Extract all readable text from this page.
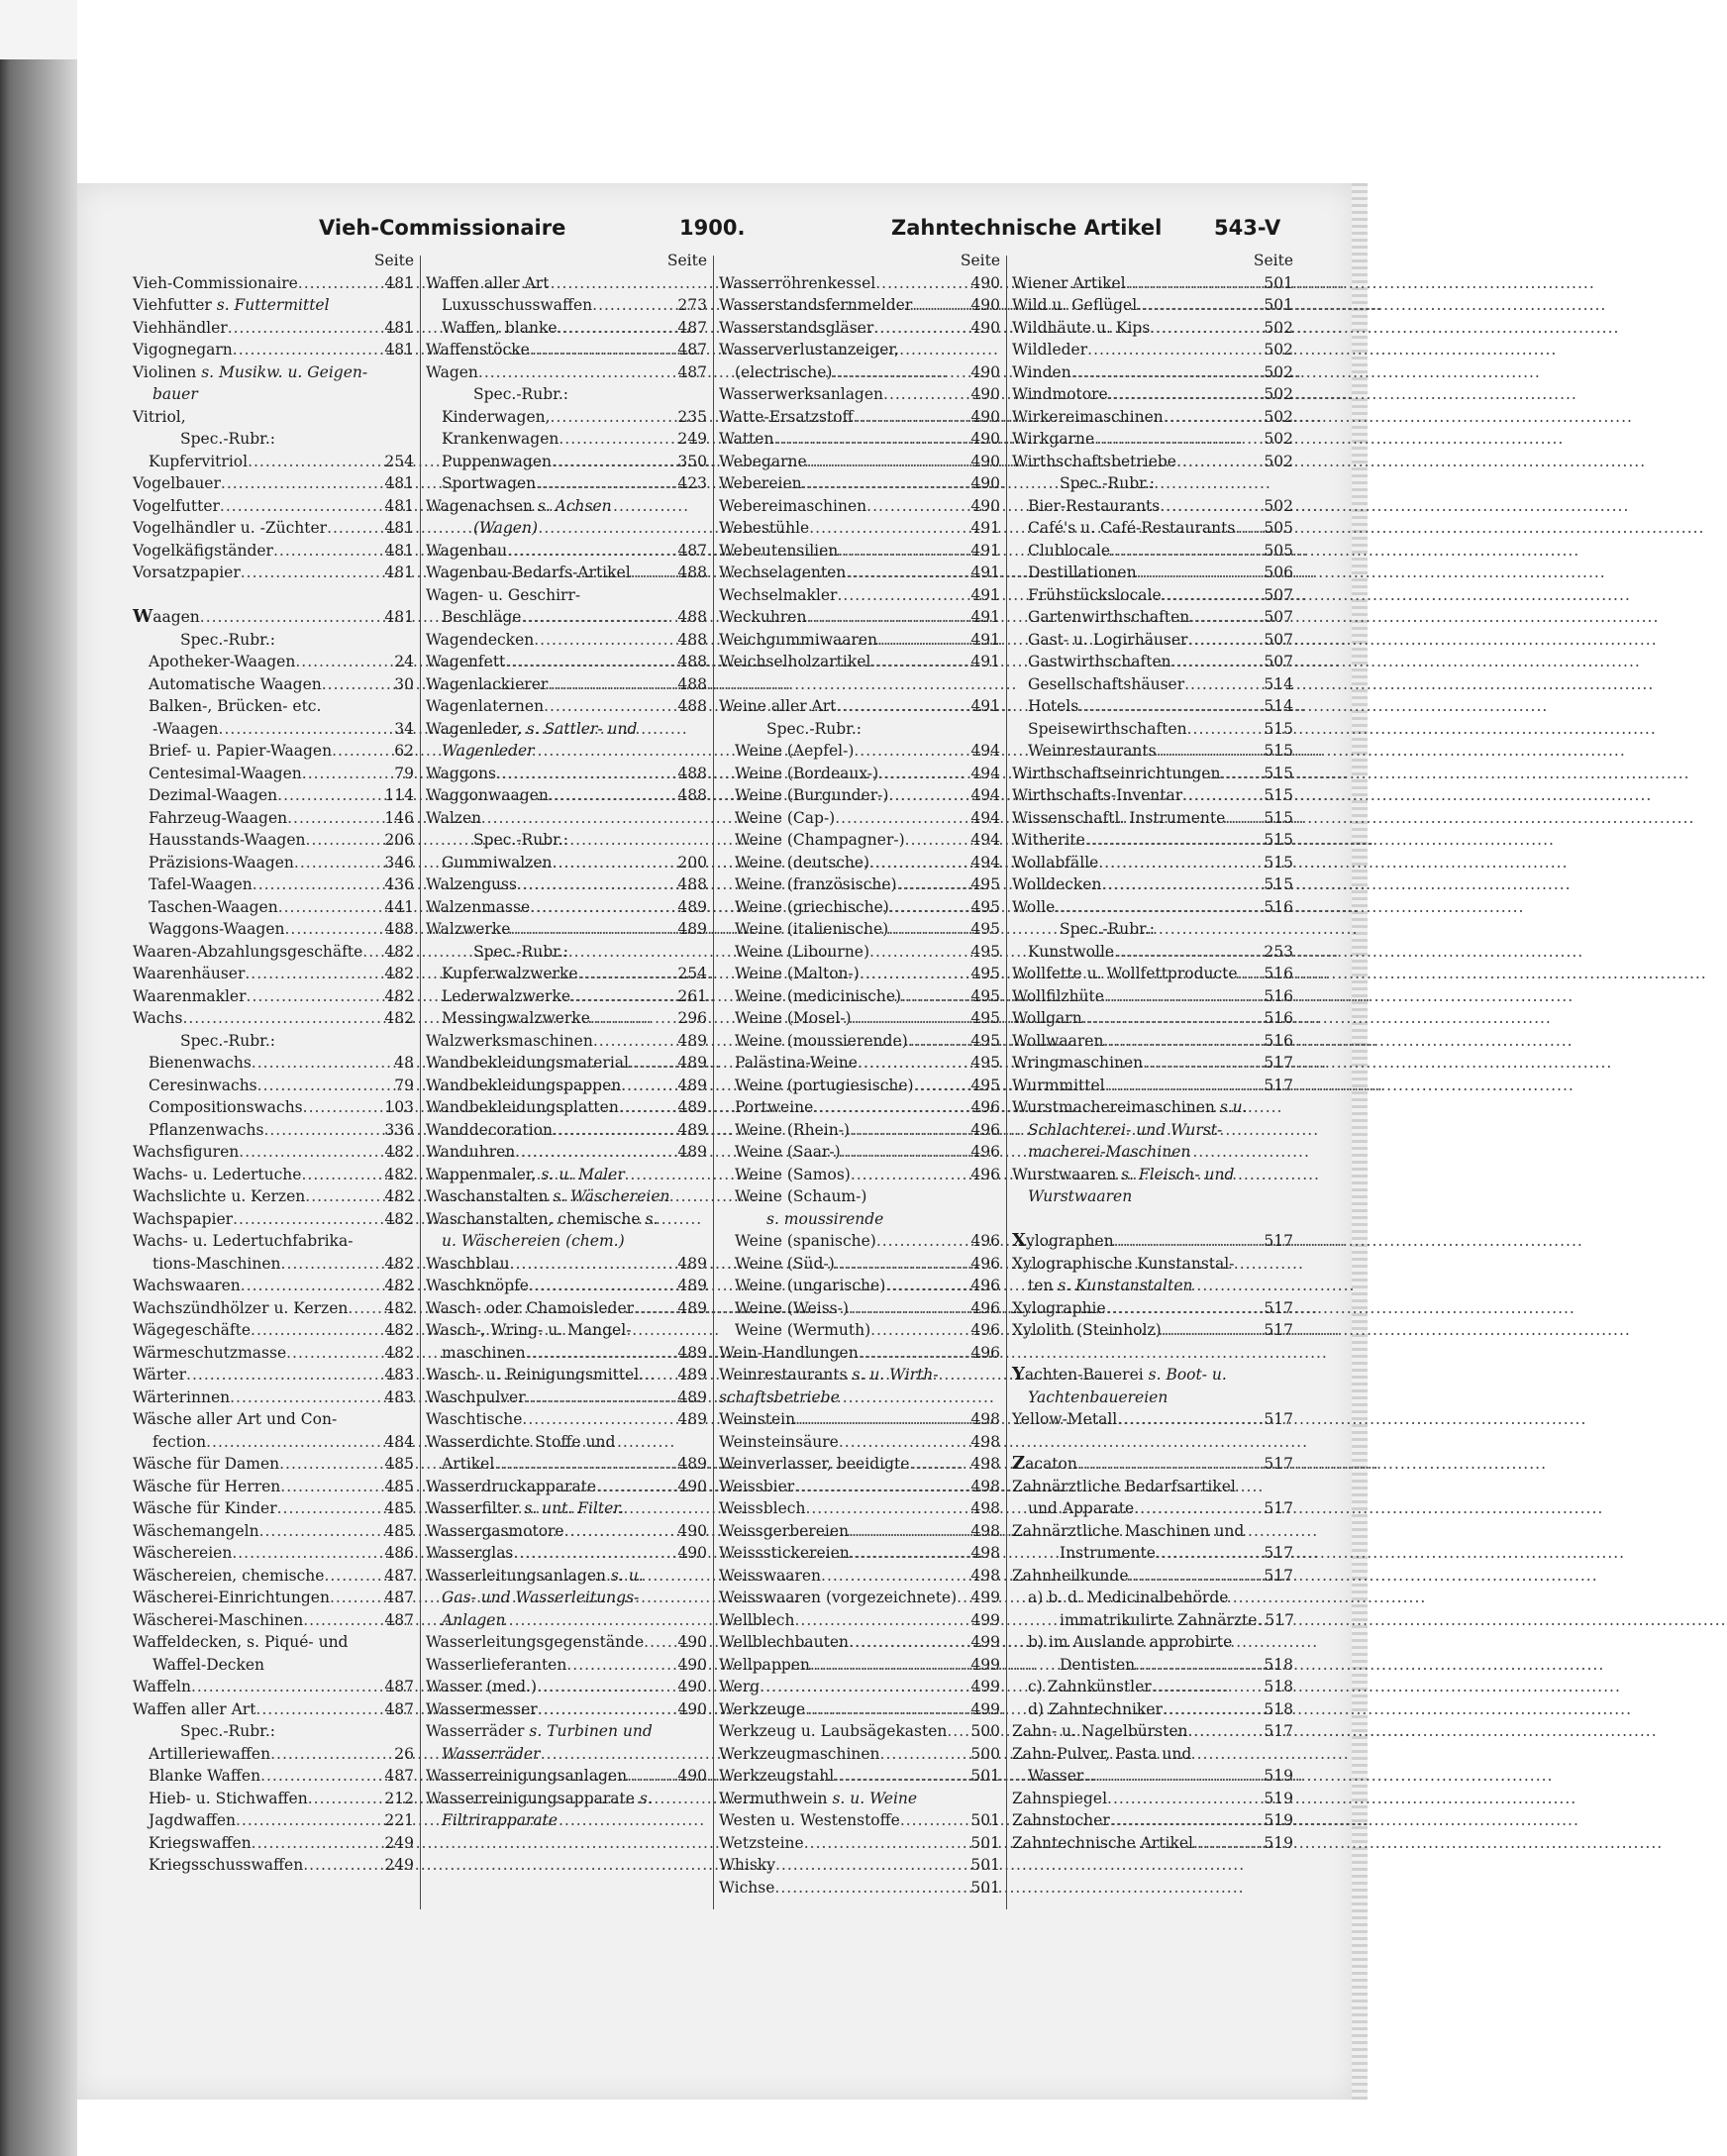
Vieh-Commissionaire	1900.	Zahntechnische Artikel	543-V
Seite
Vieh-Commissionaire .....	481
Viehfutter s. Futtermittel
Viehhändler .....	481
Vigognegarn .....	481
Violinen s. Musikw. u. Geigen-
bauer
Vitriol,
Spec.-Rubr.:
Kupfervitriol .....	254
Vogelbauer .....	481
Vogelfutter .....	481
Vogelhändler u. -Züchter .....	481
Vogelkäfigständer .....	481
Vorsatzpapier .....	481
Waagen .....	481
Spec.-Rubr.:
Apotheker-Waagen .....	24
Automatische Waagen .....	30
Balken-, Brücken- etc.
-Waagen .....	34
Brief- u. Papier-Waagen .....	62
Centesimal-Waagen .....	79
Dezimal-Waagen .....	114
Fahrzeug-Waagen .....	146
Hausstands-Waagen .....	206
Präzisions-Waagen .....	346
Tafel-Waagen .....	436
Taschen-Waagen .....	441
Waggons-Waagen .....	488
Waaren-Abzahlungsgeschäfte ..... 482
Waarenhäuser .....	482
Waarenmakler .....	482
Wachs .....	482
Spec.-Rubr.:
Bienenwachs .....	48
Ceresinwachs .....	79
Compositionswachs .....	103
Pflanzenwachs .....	336
Wachsfiguren .....	482
Wachs- u. Ledertuche .....	482
Wachslichte u. Kerzen .....	482
Wachspapier .....	482
Wachs- u. Ledertuchfabrika-
tions-Maschinen .....	482
Wachswaaren .....	482
Wachszündhölzer u. Kerzen ..... 482
Wägegeschäfte .....	482
Wärmeschutzmasse .....	482
Wärter .....	483
Wärterinnen .....	483
Wäsche aller Art und Con-
fection .....	484
Wäsche für Damen .....	485
Wäsche für Herren .....	485
Wäsche für Kinder .....	485
Wäschemangeln .....	485
Wäschereien .....	486
Wäschereien, chemische .....	487
Wäscherei-Einrichtungen .....	487
Wäscherei-Maschinen .....	487
Waffeldecken, s. Piqué- und
Waffel-Decken
Waffeln .....	487
Waffen aller Art .....	487
Spec.-Rubr.:
Artilleriewaffen .....	26
Blanke Waffen .....	487
Hieb- u. Stichwaffen .....	212
Jagdwaffen .....	221
Kriegswaffen .....	249
Kriegsschusswaffen .....	249
Seite
Waffen aller Art
Luxusschusswaffen .....	273
Waffen, blanke .....	487
Waffenstöcke .....	487
Wagen .....	487
Spec.-Rubr.:
Kinderwagen, .....	235
Krankenwagen .....	249
Puppenwagen .....	350
Sportwagen .....	423
Wagenachsen s. Achsen
(Wagen)
Wagenbau .....	487
Wagenbau-Bedarfs-Artikel .....	488
Wagen- u. Geschirr-
Beschläge .....	488
Wagendecken .....	488
Wagenfett .....	488
Wagenlackierer .....	488
Wagenlaternen .....	488
Wagenleder, s. Sattler- und
Wagenleder
Waggons .....	488
Waggonwaagen .....	488
Walzen
Spec.-Rubr.:
Gummiwalzen .....	200
Walzenguss .....	488
Walzenmasse .....	489
Walzwerke .....	489
Spec.-Rubr.:
Kupferwalzwerke .....	254
Lederwalzwerke .....	261
Messingwalzwerke .....	296
Walzwerksmaschinen .....	489
Wandbekleidungsmaterial .....	489
Wandbekleidungspappen .....	489
Wandbekleidungsplatten .....	489
Wanddecoration .....	489
Wanduhren .....	489
Wappenmaler, s. u. Maler
Waschanstalten s. Wäschereien
Waschanstalten, chemische s.
u. Wäschereien (chem.)
Waschblau .....	489
Waschknöpfe .....	489
Wasch- oder Chamoisleder .....	489
Wasch-, Wring- u. Mangel-
maschinen .....	489
Wasch- u. Reinigungsmittel .....	489
Waschpulver .....	489
Waschtische .....	489
Wasserdichte Stoffe und
Artikel .....	489
Wasserdruckapparate .....	490
Wasserfilter s. unt. Filter.
Wassergasmotore .....	490
Wasserglas .....	490
Wasserleitungsanlagen s. u.
Gas- und Wasserleitungs-
Anlagen
Wasserleitungsgegenstände ..... 490
Wasserlieferanten .....	490
Wasser (med.) .....	490
Wassermesser .....	490
Wasserräder s. Turbinen und
Wasserräder
Wasserreinigungsanlagen .....	490
Wasserreinigungsapparate s.
Filtrirapparate
Seite
Wasserröhrenkessel .....	490
Wasserstandsfernmelder .....	490
Wasserstandsgläser .....	490
Wasserverlustanzeiger,
(electrische) .....	490
Wasserwerksanlagen .....	490
Watte-Ersatzstoff .....	490
Watten .....	490
Webegarne .....	490
Webereien .....	490
Webereimaschinen .....	490
Webestühle .....	491
Webeutensilien .....	491
Wechselagenten .....	491
Wechselmakler .....	491
Weckuhren .....	491
Weichgummiwaaren .....	491
Weichselholzartikel .....	491
Weine aller Art .....	491
Spec.-Rubr.:
Weine (Aepfel-) .....	494
Weine (Bordeaux-) .....	494
Weine (Burgunder-) .....	494
Weine (Cap-) .....	494
Weine (Champagner-) .....	494
Weine (deutsche) .....	494
Weine (französische) .....	495
Weine (griechische) .....	495
Weine (italienische) .....	495
Weine (Libourne) .....	495
Weine (Malton-) .....	495
Weine (medicinische) .....	495
Weine (Mosel-) .....	495
Weine (moussierende) .....	495
Palästina-Weine .....	495
Weine (portugiesische) .....	495
Portweine .....	496
Weine (Rhein-) .....	496
Weine (Saar-) .....	496
Weine (Samos) .....	496
Weine (Schaum-)
s. moussirende
Weine (spanische) .....	496
Weine (Süd-) .....	496
Weine (ungarische) .....	496
Weine (Weiss-) .....	496
Weine (Wermuth) .....	496
Wein-Handlungen .....	496
Weinrestaurants s. u. Wirth-
schaftsbetriebe
Weinstein .....	498
Weinsteinsäure .....	498
Weinverlasser, beeidigte .....	498
Weissbier .....	498
Weissblech .....	498
Weissgerbereien .....	498
Weissstickereien .....	498
Weisswaaren .....	498
Weisswaaren (vorgezeichnete) ..... 499
Wellblech .....	499
Wellblechbauten .....	499
Wellpappen .....	499
Werg .....	499
Werkzeuge .....	499
Werkzeug u. Laubsägekasten ..... 500
Werkzeugmaschinen .....	500
Werkzeugstahl .....	501
Wermuthwein s. u. Weine
Westen u. Westenstoffe .....	501
Wetzsteine .....	501
Whisky .....	501
Wichse .....	501
Seite
Wiener Artikel .....	501
Wild u. Geflügel .....	501
Wildhäute u. Kips .....	502
Wildleder .....	502
Winden .....	502
Windmotore .....	502
Wirkereimaschinen .....	502
Wirkgarne .....	502
Wirthschaftsbetriebe .....	502
Spec.-Rubr.:
Bier-Restaurants .....	502
Café's u. Café-Restaurants ..... 505
Clublocale .....	505
Destillationen .....	506
Frühstückslocale .....	507
Gartenwirthschaften .....	507
Gast- u. Logirhäuser .....	507
Gastwirthschaften .....	507
Gesellschaftshäuser .....	514
Hotels .....	514
Speisewirthschaften .....	515
Weinrestaurants .....	515
Wirthschaftseinrichtungen .....	515
Wirthschafts-Inventar .....	515
Wissenschaftl. Instrumente .....	515
Witherite .....	515
Wollabfälle .....	515
Wolldecken .....	515
Wolle .....	516
Spec.-Rubr.:
Kunstwolle .....	253
Wollfette u. Wollfettproducte ..... 516
Wollfilzhüte .....	516
Wollgarn .....	516
Wollwaaren .....	516
Wringmaschinen .....	517
Wurmmittel .....	517
Wurstmachereimaschinen s.u.
Schlachterei- und Wurst-
macherei-Maschinen
Wurstwaaren s. Fleisch- und
Wurstwaaren
Xylographen .....	517
Xylographische Kunstanstal-
ten s. Kunstanstalten
Xylographie .....	517
Xylolith (Steinholz) .....	517
Yachten-Bauerei s. Boot- u.
Yachtenbauereien
Yellow-Metall .....	517
Zacaton .....	517
Zahnärztliche Bedarfsartikel
und Apparate .....	517
Zahnärztliche Maschinen und
Instrumente .....	517
Zahnheilkunde .....	517
a) b. d. Medicinalbehörde
immatrikulirte Zahnärzte ..... 517
b) im Auslande approbirte
Dentisten .....	518
c) Zahnkünstler .....	518
d) Zahntechniker .....	518
Zahn- u. Nagelbürsten .....	517
Zahn-Pulver, Pasta und
Wasser .....	519
Zahnspiegel .....	519
Zahnstocher .....	519
Zahntechnische Artikel .....	519
